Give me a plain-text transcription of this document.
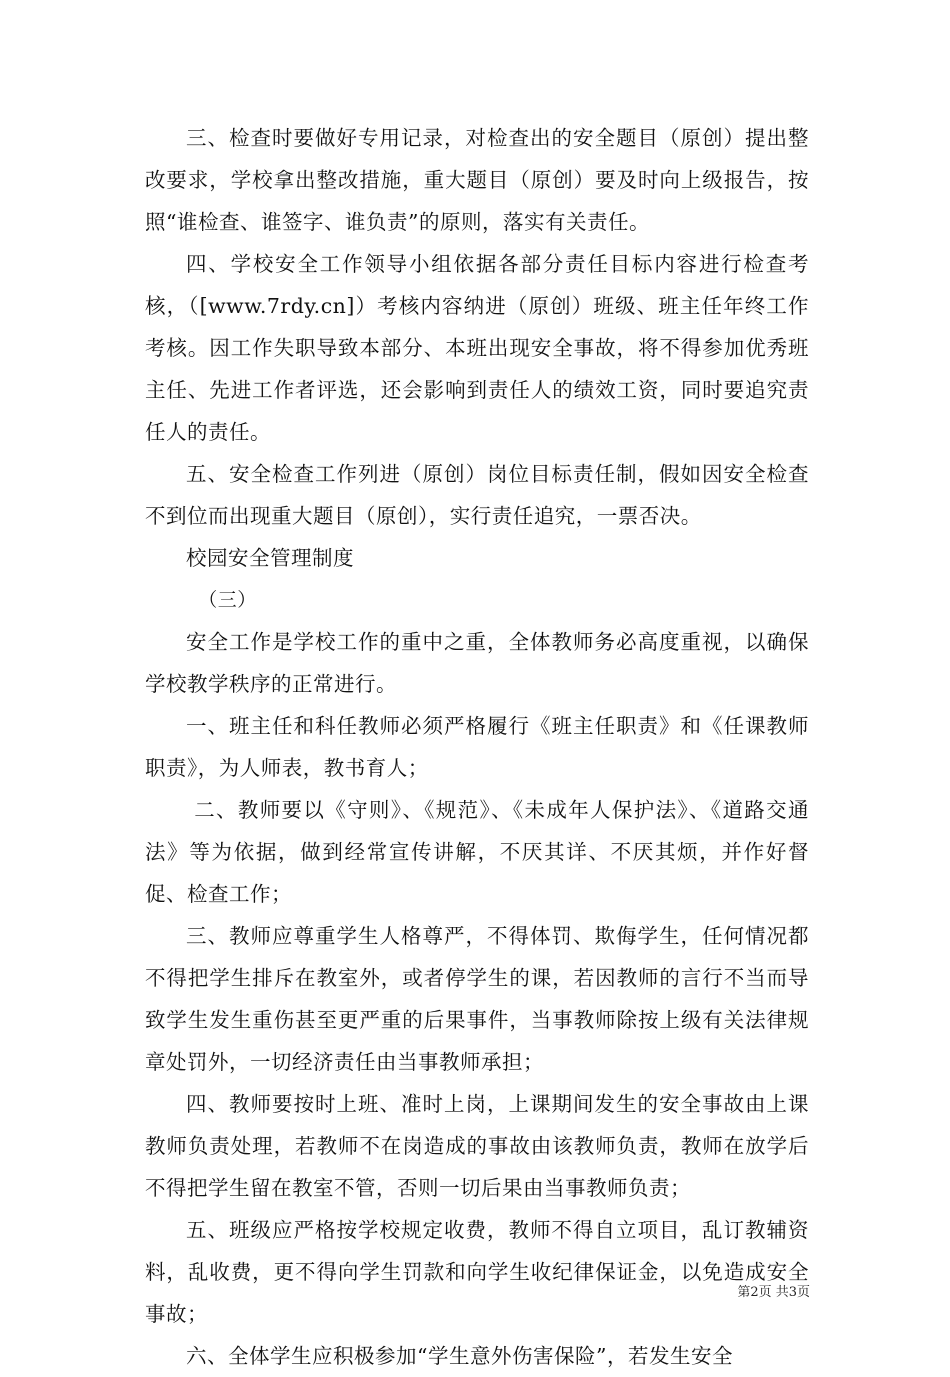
三、检查时要做好专用记录，对检查出的安全题目（原创）提出整改要求，学校拿出整改措施，重大题目（原创）要及时向上级报告，按照“谁检查、谁签字、谁负责”的原则，落实有关责任。

四、学校安全工作领导小组依据各部分责任目标内容进行检查考核，（[www.7rdy.cn]）考核内容纳进（原创）班级、班主任年终工作考核。因工作失职导致本部分、本班出现安全事故，将不得参加优秀班主任、先进工作者评选，还会影响到责任人的绩效工资，同时要追究责任人的责任。

五、安全检查工作列进（原创）岗位目标责任制，假如因安全检查不到位而出现重大题目（原创），实行责任追究，一票否决。

校园安全管理制度

（三）

安全工作是学校工作的重中之重，全体教师务必高度重视，以确保学校教学秩序的正常进行。

一、班主任和科任教师必须严格履行《班主任职责》和《任课教师职责》，为人师表，教书育人；

二、教师要以《守则》、《规范》、《未成年人保护法》、《道路交通法》等为依据，做到经常宣传讲解，不厌其详、不厌其烦，并作好督促、检查工作；

三、教师应尊重学生人格尊严，不得体罚、欺侮学生，任何情况都不得把学生排斥在教室外，或者停学生的课，若因教师的言行不当而导致学生发生重伤甚至更严重的后果事件，当事教师除按上级有关法律规章处罚外，一切经济责任由当事教师承担；

四、教师要按时上班、准时上岗，上课期间发生的安全事故由上课教师负责处理，若教师不在岗造成的事故由该教师负责，教师在放学后不得把学生留在教室不管，否则一切后果由当事教师负责；

五、班级应严格按学校规定收费，教师不得自立项目，乱订教辅资料，乱收费，更不得向学生罚款和向学生收纪律保证金，以免造成安全事故；

六、全体学生应积极参加“学生意外伤害保险”，若发生安全

第2页 共3页
